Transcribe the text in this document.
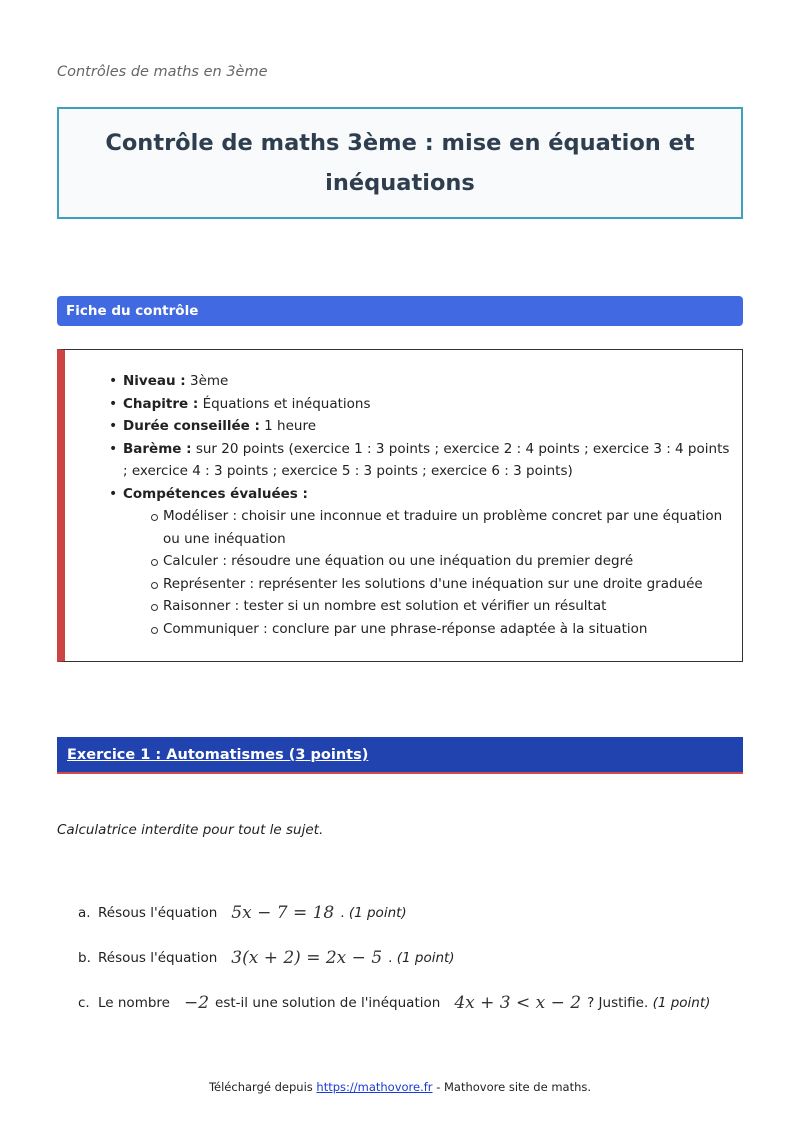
Contrôles de maths en 3ème
Contrôle de maths 3ème : mise en équation et inéquations
Fiche du contrôle
• Niveau : 3ème
• Chapitre : Équations et inéquations
• Durée conseillée : 1 heure
• Barème : sur 20 points (exercice 1 : 3 points ; exercice 2 : 4 points ; exercice 3 : 4 points ; exercice 4 : 3 points ; exercice 5 : 3 points ; exercice 6 : 3 points)
• Compétences évaluées :
Modéliser : choisir une inconnue et traduire un problème concret par une équation ou une inéquation
Calculer : résoudre une équation ou une inéquation du premier degré
Représenter : représenter les solutions d'une inéquation sur une droite graduée
Raisonner : tester si un nombre est solution et vérifier un résultat
Communiquer : conclure par une phrase-réponse adaptée à la situation
Exercice 1 : Automatismes (3 points)
Calculatrice interdite pour tout le sujet.
a. Résous l'équation 5x − 7 = 18 .
(1 point)
b. Résous l'équation 3(x + 2) = 2x − 5 .
(1 point)
c. Le nombre −2 est-il une solution de l'inéquation 4x + 3 < x − 2 ? Justifie.
(1 point)
Téléchargé depuis https://mathovore.fr - Mathovore site de maths.
